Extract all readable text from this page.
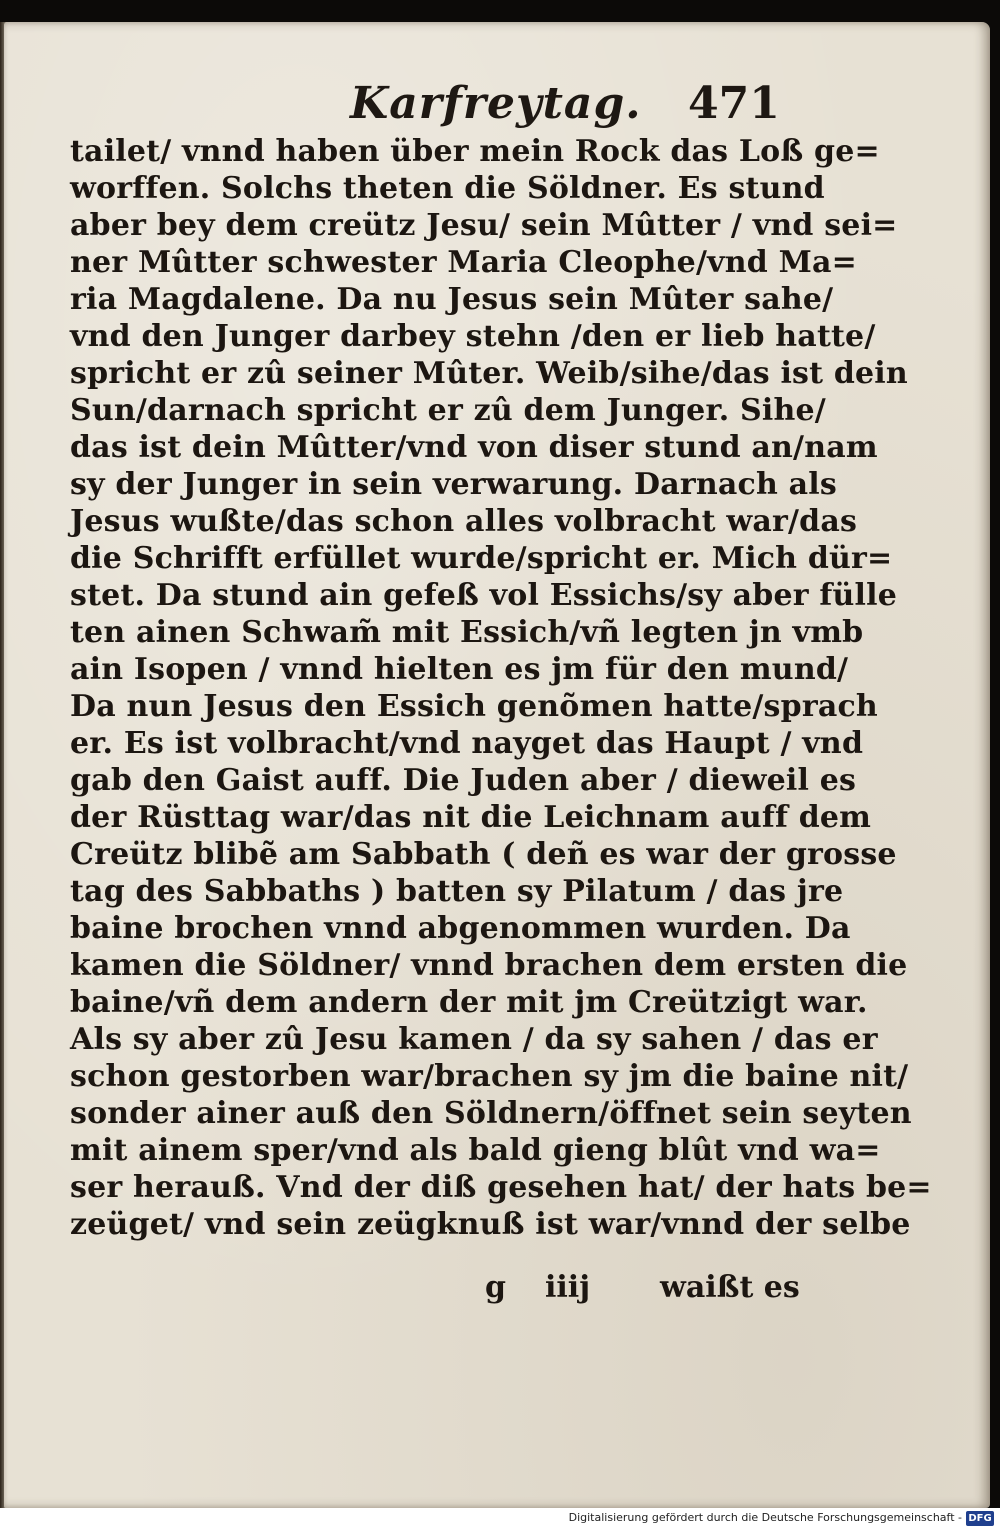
Karfreytag. 471
tailet/ vnnd haben über mein Rock das Loß ge=
worffen. Solchs theten die Söldner. Es stund
aber bey dem creütz Jesu/ sein Mûtter / vnd sei=
ner Mûtter schwester Maria Cleophe/vnd Ma=
ria Magdalene. Da nu Jesus sein Mûter sahe/
vnd den Junger darbey stehn /den er lieb hatte/
spricht er zû seiner Mûter. Weib/sihe/das ist dein
Sun/darnach spricht er zû dem Junger. Sihe/
das ist dein Mûtter/vnd von diser stund an/nam
sy der Junger in sein verwarung. Darnach als
Jesus wußte/das schon alles volbracht war/das
die Schrifft erfüllet wurde/spricht er. Mich dür=
stet. Da stund ain gefeß vol Essichs/sy aber fülle
ten ainen Schwam̃ mit Essich/vñ legten jn vmb
ain Isopen / vnnd hielten es jm für den mund/
Da nun Jesus den Essich genõmen hatte/sprach
er. Es ist volbracht/vnd nayget das Haupt / vnd
gab den Gaist auff. Die Juden aber / dieweil es
der Rüsttag war/das nit die Leichnam auff dem
Creütz blibẽ am Sabbath ( deñ es war der grosse
tag des Sabbaths ) batten sy Pilatum / das jre
baine brochen vnnd abgenommen wurden. Da
kamen die Söldner/ vnnd brachen dem ersten die
baine/vñ dem andern der mit jm Creützigt war.
Als sy aber zû Jesu kamen / da sy sahen / das er
schon gestorben war/brachen sy jm die baine nit/
sonder ainer auß den Söldnern/öffnet sein seyten
mit ainem sper/vnd als bald gieng blût vnd wa=
ser herauß. Vnd der diß gesehen hat/ der hats be=
zeüget/ vnd sein zeügknuß ist war/vnnd der selbe
g iiij waißt es
Digitalisierung gefördert durch die Deutsche Forschungsgemeinschaft - DFG
